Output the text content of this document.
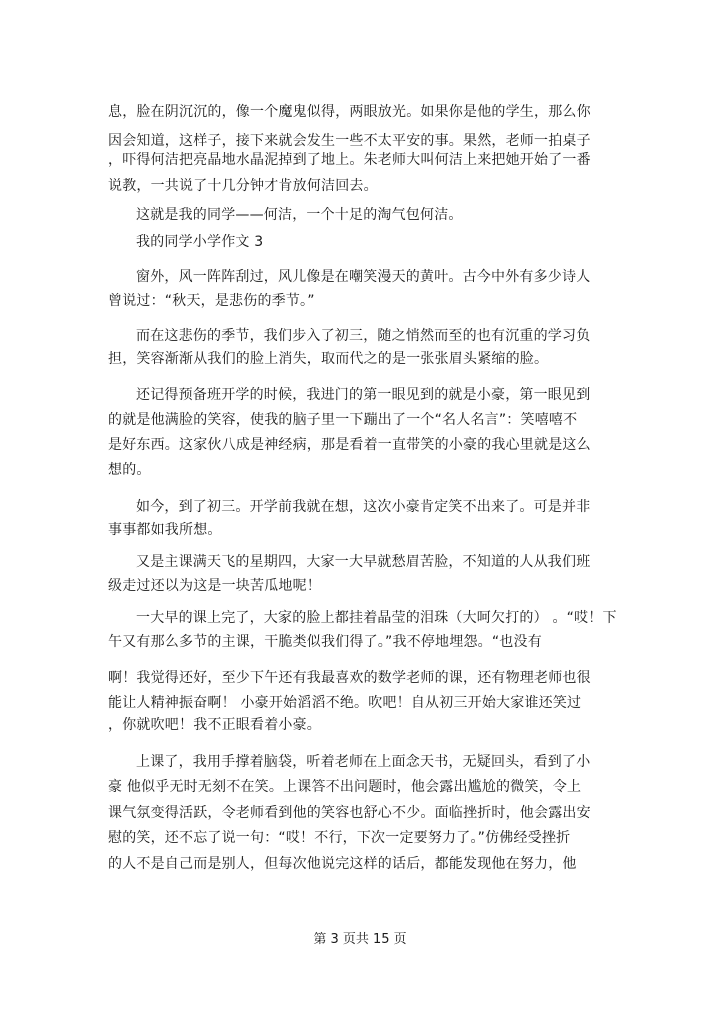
息，脸在阴沉沉的，像一个魔鬼似得，两眼放光。如果你是他的学生，那么你
因会知道，这样子，接下来就会发生一些不太平安的事。果然，老师一拍桌子
，吓得何洁把亮晶地水晶泥掉到了地上。朱老师大叫何洁上来把她开始了一番
说教，一共说了十几分钟才肯放何洁回去。
这就是我的同学——何洁，一个十足的淘气包何洁。
我的同学小学作文 3
窗外，风一阵阵刮过，风儿像是在嘲笑漫天的黄叶。古今中外有多少诗人
曾说过：“秋天，是悲伤的季节。”
而在这悲伤的季节，我们步入了初三，随之悄然而至的也有沉重的学习负
担，笑容渐渐从我们的脸上消失，取而代之的是一张张眉头紧缩的脸。
还记得预备班开学的时候，我进门的第一眼见到的就是小豪，第一眼见到
的就是他满脸的笑容，使我的脑子里一下蹦出了一个“名人名言”：笑嘻嘻不
是好东西。这家伙八成是神经病，那是看着一直带笑的小豪的我心里就是这么
想的。
如今，到了初三。开学前我就在想，这次小豪肯定笑不出来了。可是并非
事事都如我所想。
又是主课满天飞的星期四，大家一大早就愁眉苦脸，不知道的人从我们班
级走过还以为这是一块苦瓜地呢！
一大早的课上完了，大家的脸上都挂着晶莹的泪珠（大呵欠打的） 。“哎！下
午又有那么多节的主课，干脆类似我们得了。”我不停地埋怨。“也没有
啊！我觉得还好，至少下午还有我最喜欢的数学老师的课，还有物理老师也很
能让人精神振奋啊！ 小豪开始滔滔不绝。吹吧！自从初三开始大家谁还笑过
，你就吹吧！我不正眼看着小豪。
上课了，我用手撑着脑袋，听着老师在上面念天书，无疑回头，看到了小
豪 他似乎无时无刻不在笑。上课答不出问题时，他会露出尴尬的微笑，令上
课气氛变得活跃，令老师看到他的笑容也舒心不少。面临挫折时，他会露出安
慰的笑，还不忘了说一句：“哎！不行，下次一定要努力了。”仿佛经受挫折
的人不是自己而是别人，但每次他说完这样的话后，都能发现他在努力，他
第 3 页共 15 页
